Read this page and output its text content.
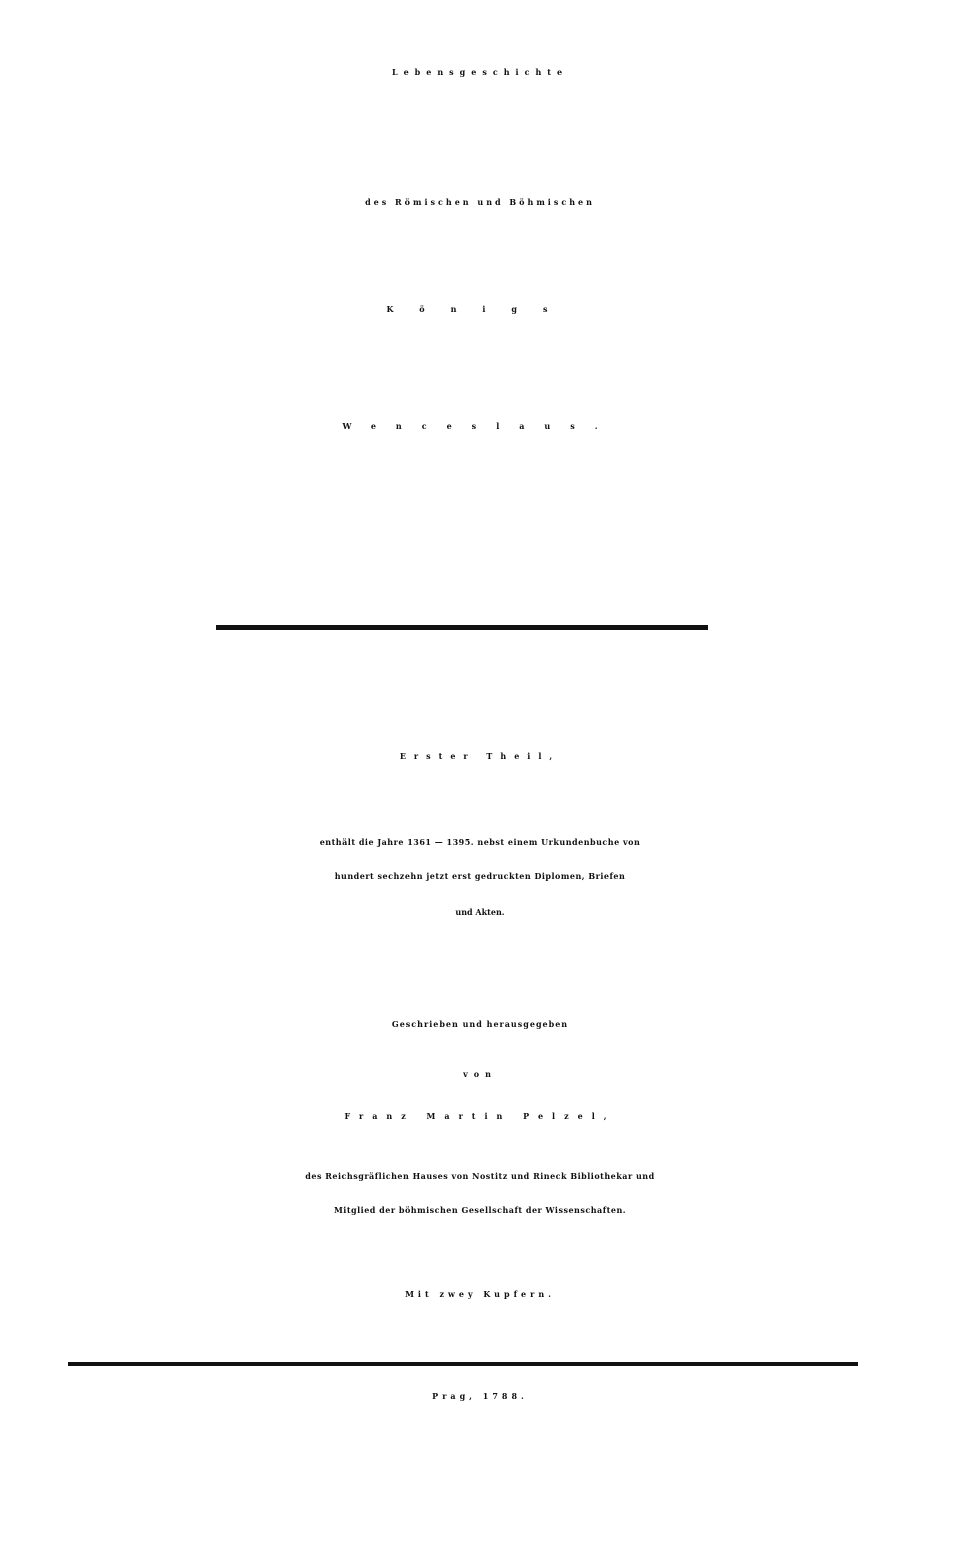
Lebensgeschichte
des Römischen und Böhmischen
Königs
Wenceslaus.
Erster Theil,
enthält die Jahre 1361 — 1395. nebst einem Urkundenbuche von
hundert sechzehn jetzt erst gedruckten Diplomen, Briefen
und Akten.
Geschrieben und herausgegeben
von
Franz Martin Pelzel,
des Reichsgräflichen Hauses von Nostitz und Rineck Bibliothekar und
Mitglied der böhmischen Gesellschaft der Wissenschaften.
Mit zwey Kupfern.
Prag, 1788.
